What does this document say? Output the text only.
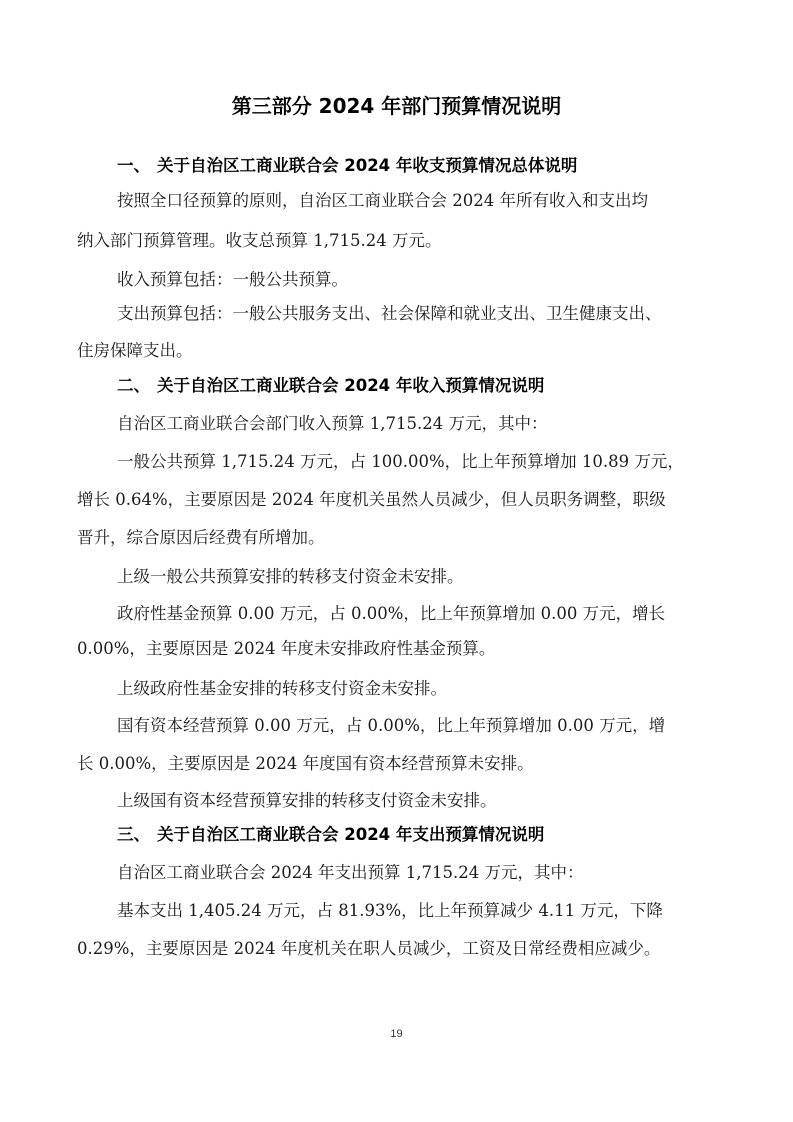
第三部分 2024 年部门预算情况说明
一、 关于自治区工商业联合会 2024 年收支预算情况总体说明
按照全口径预算的原则，自治区工商业联合会 2024 年所有收入和支出均
纳入部门预算管理。收支总预算 1,715.24 万元。
收入预算包括：一般公共预算。
支出预算包括：一般公共服务支出、社会保障和就业支出、卫生健康支出、
住房保障支出。
二、 关于自治区工商业联合会 2024 年收入预算情况说明
自治区工商业联合会部门收入预算 1,715.24 万元，其中：
一般公共预算 1,715.24 万元，占 100.00%，比上年预算增加 10.89 万元，
增长 0.64%，主要原因是 2024 年度机关虽然人员减少，但人员职务调整，职级
晋升，综合原因后经费有所增加。
上级一般公共预算安排的转移支付资金未安排。
政府性基金预算 0.00 万元，占 0.00%，比上年预算增加 0.00 万元，增长
0.00%，主要原因是 2024 年度未安排政府性基金预算。
上级政府性基金安排的转移支付资金未安排。
国有资本经营预算 0.00 万元，占 0.00%，比上年预算增加 0.00 万元，增
长 0.00%，主要原因是 2024 年度国有资本经营预算未安排。
上级国有资本经营预算安排的转移支付资金未安排。
三、 关于自治区工商业联合会 2024 年支出预算情况说明
自治区工商业联合会 2024 年支出预算 1,715.24 万元，其中：
基本支出 1,405.24 万元，占 81.93%，比上年预算减少 4.11 万元，下降
0.29%，主要原因是 2024 年度机关在职人员减少，工资及日常经费相应减少。
19
